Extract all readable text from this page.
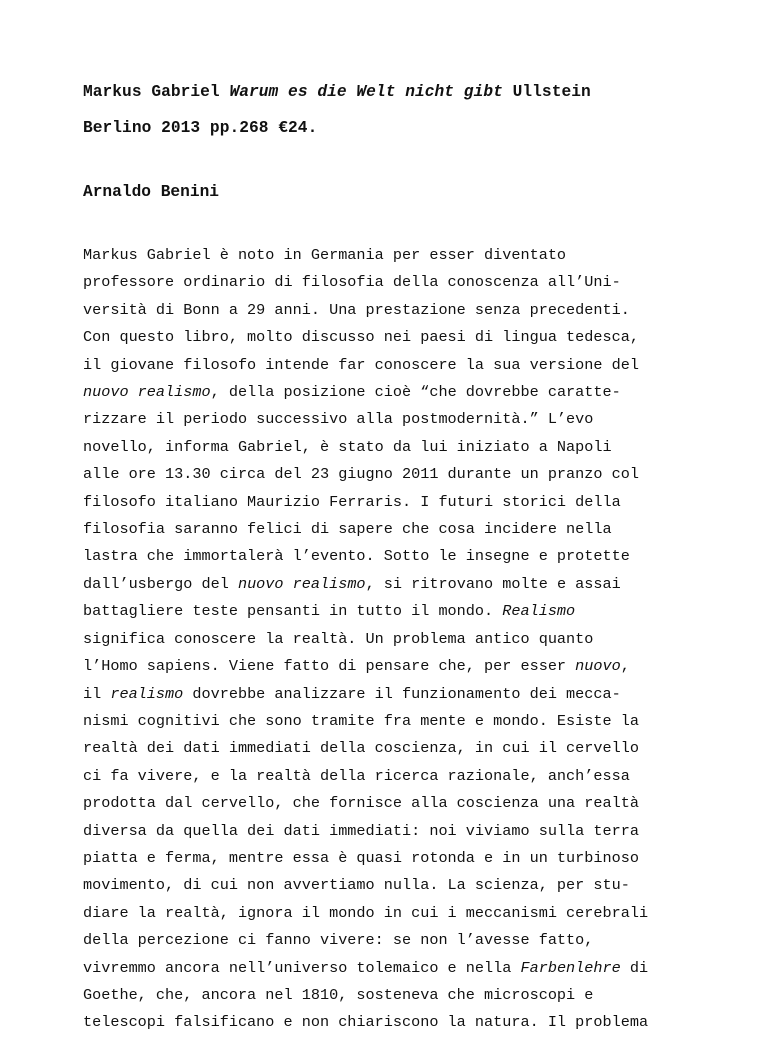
Markus Gabriel Warum es die Welt nicht gibt Ullstein
Berlino 2013 pp.268 €24.
Arnaldo Benini
Markus Gabriel è noto in Germania per esser diventato
professore ordinario di filosofia della conoscenza all’Uni-
versità di Bonn a 29 anni. Una prestazione senza precedenti.
Con questo libro, molto discusso nei paesi di lingua tedesca,
il giovane filosofo intende far conoscere la sua versione del
nuovo realismo, della posizione cioè “che dovrebbe caratte-
rizzare il periodo successivo alla postmodernità.” L’evo
novello, informa Gabriel, è stato da lui iniziato a Napoli
alle ore 13.30 circa del 23 giugno 2011 durante un pranzo col
filosofo italiano Maurizio Ferraris. I futuri storici della
filosofia saranno felici di sapere che cosa incidere nella
lastra che immortalerà l’evento. Sotto le insegne e protette
dall’usbergo del nuovo realismo, si ritrovano molte e assai
battagliere teste pensanti in tutto il mondo. Realismo
significa conoscere la realtà. Un problema antico quanto
l’Homo sapiens. Viene fatto di pensare che, per esser nuovo,
il realismo dovrebbe analizzare il funzionamento dei mecca-
nismi cognitivi che sono tramite fra mente e mondo. Esiste la
realtà dei dati immediati della coscienza, in cui il cervello
ci fa vivere, e la realtà della ricerca razionale, anch’essa
prodotta dal cervello, che fornisce alla coscienza una realtà
diversa da quella dei dati immediati: noi viviamo sulla terra
piatta e ferma, mentre essa è quasi rotonda e in un turbinoso
movimento, di cui non avvertiamo nulla. La scienza, per stu-
diare la realtà, ignora il mondo in cui i meccanismi cerebrali
della percezione ci fanno vivere: se non l’avesse fatto,
vivremmo ancora nell’universo tolemaico e nella Farbenlehre di
Goethe, che, ancora nel 1810, sosteneva che microscopi e
telescopi falsificano e non chiariscono la natura. Il problema
